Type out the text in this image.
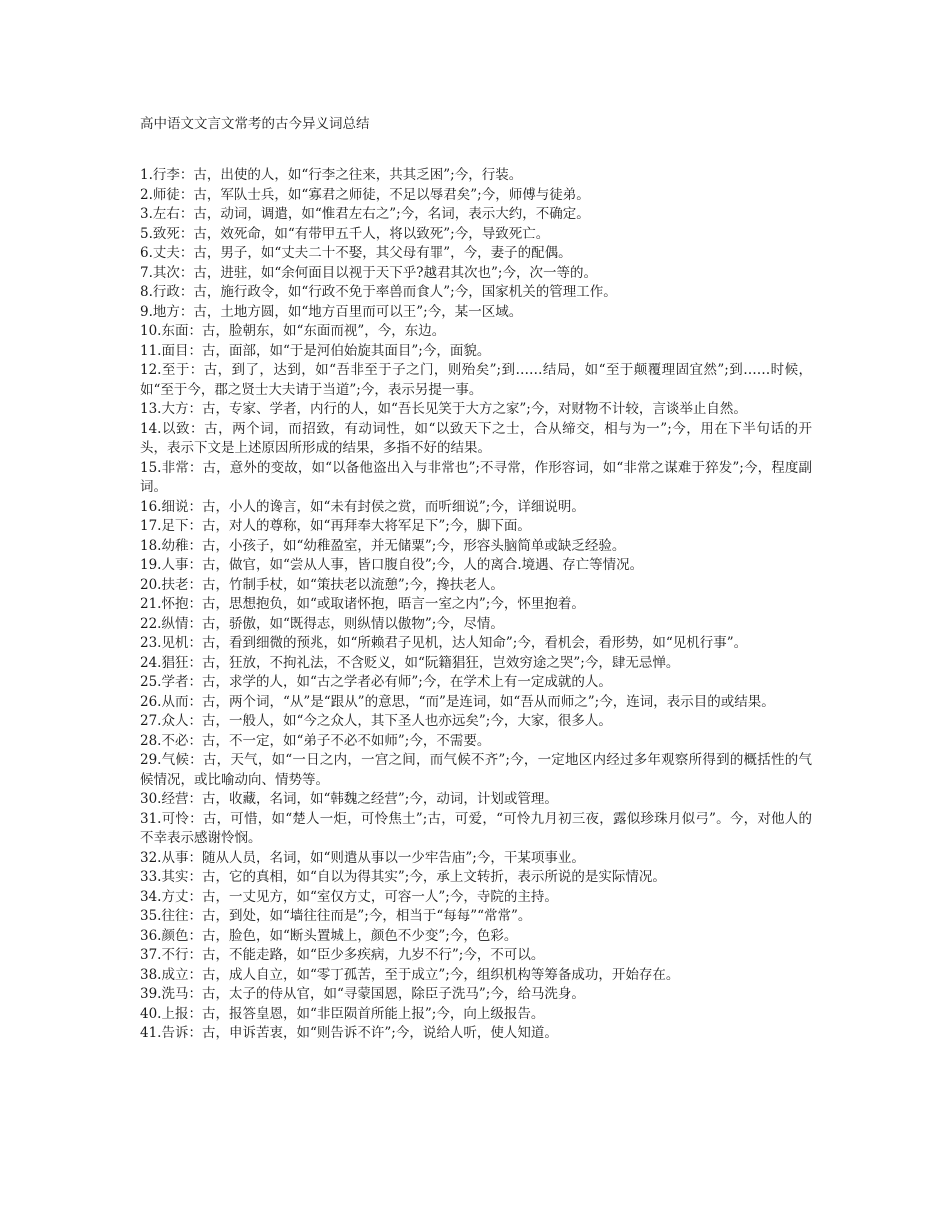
高中语文文言文常考的古今异义词总结
1.行李：古，出使的人，如“行李之往来，共其乏困”;今，行装。
2.师徒：古，军队士兵，如“寡君之师徒，不足以辱君矣”;今，师傅与徒弟。
3.左右：古，动词，调遣，如“惟君左右之”;今，名词，表示大约，不确定。
5.致死：古，效死命，如“有带甲五千人，将以致死”;今，导致死亡。
6.丈夫：古，男子，如“丈夫二十不娶，其父母有罪”，今，妻子的配偶。
7.其次：古，进驻，如“余何面目以视于天下乎?越君其次也”;今，次一等的。
8.行政：古，施行政令，如“行政不免于率兽而食人”;今，国家机关的管理工作。
9.地方：古，土地方圆，如“地方百里而可以王”;今，某一区域。
10.东面：古，脸朝东，如“东面而视”，今，东边。
11.面目：古，面部，如“于是河伯始旋其面目”;今，面貌。
12.至于：古，到了，达到，如“吾非至于子之门，则殆矣”;到……结局，如“至于颠覆理固宜然”;到……时候，如“至于今，郡之贤士大夫请于当道”;今，表示另提一事。
13.大方：古，专家、学者，内行的人，如“吾长见笑于大方之家”;今，对财物不计较，言谈举止自然。
14.以致：古，两个词，而招致，有动词性，如“以致天下之士，合从缔交，相与为一”;今，用在下半句话的开头，表示下文是上述原因所形成的结果，多指不好的结果。
15.非常：古，意外的变故，如“以备他盗出入与非常也”;不寻常，作形容词，如“非常之谋难于猝发”;今，程度副词。
16.细说：古，小人的谗言，如“未有封侯之赏，而听细说”;今，详细说明。
17.足下：古，对人的尊称，如“再拜奉大将军足下”;今，脚下面。
18.幼稚：古，小孩子，如“幼稚盈室，并无储粟”;今，形容头脑简单或缺乏经验。
19.人事：古，做官，如“尝从人事，皆口腹自役”;今，人的离合.境遇、存亡等情况。
20.扶老：古，竹制手杖，如“策扶老以流憩”;今，搀扶老人。
21.怀抱：古，思想抱负，如“或取诸怀抱，晤言一室之内”;今，怀里抱着。
22.纵情：古，骄傲，如“既得志，则纵情以傲物”;今，尽情。
23.见机：古，看到细微的预兆，如“所赖君子见机，达人知命”;今，看机会，看形势，如“见机行事”。
24.猖狂：古，狂放，不拘礼法，不含贬义，如“阮籍猖狂，岂效穷途之哭”;今，肆无忌惮。
25.学者：古，求学的人，如“古之学者必有师”;今，在学术上有一定成就的人。
26.从而：古，两个词，“从”是“跟从”的意思，“而”是连词，如“吾从而师之”;今，连词，表示目的或结果。
27.众人：古，一般人，如“今之众人，其下圣人也亦远矣”;今，大家，很多人。
28.不必：古，不一定，如“弟子不必不如师”;今，不需要。
29.气候：古，天气，如“一日之内，一宫之间，而气候不齐”;今，一定地区内经过多年观察所得到的概括性的气候情况，或比喻动向、情势等。
30.经营：古，收藏，名词，如“韩魏之经营”;今，动词，计划或管理。
31.可怜：古，可惜，如“楚人一炬，可怜焦土”;古，可爱，“可怜九月初三夜，露似珍珠月似弓”。今，对他人的不幸表示感谢怜悯。
32.从事：随从人员，名词，如“则遣从事以一少牢告庙”;今，干某项事业。
33.其实：古，它的真相，如“自以为得其实”;今，承上文转折，表示所说的是实际情况。
34.方丈：古，一丈见方，如“室仅方丈，可容一人”;今，寺院的主持。
35.往往：古，到处，如“墙往往而是”;今，相当于“每每”“常常”。
36.颜色：古，脸色，如“断头置城上，颜色不少变”;今，色彩。
37.不行：古，不能走路，如“臣少多疾病，九岁不行”;今，不可以。
38.成立：古，成人自立，如“零丁孤苦，至于成立”;今，组织机构等筹备成功，开始存在。
39.洗马：古，太子的侍从官，如“寻蒙国恩，除臣子洗马”;今，给马洗身。
40.上报：古，报答皇恩，如“非臣陨首所能上报”;今，向上级报告。
41.告诉：古，申诉苦衷，如“则告诉不许”;今，说给人听，使人知道。
